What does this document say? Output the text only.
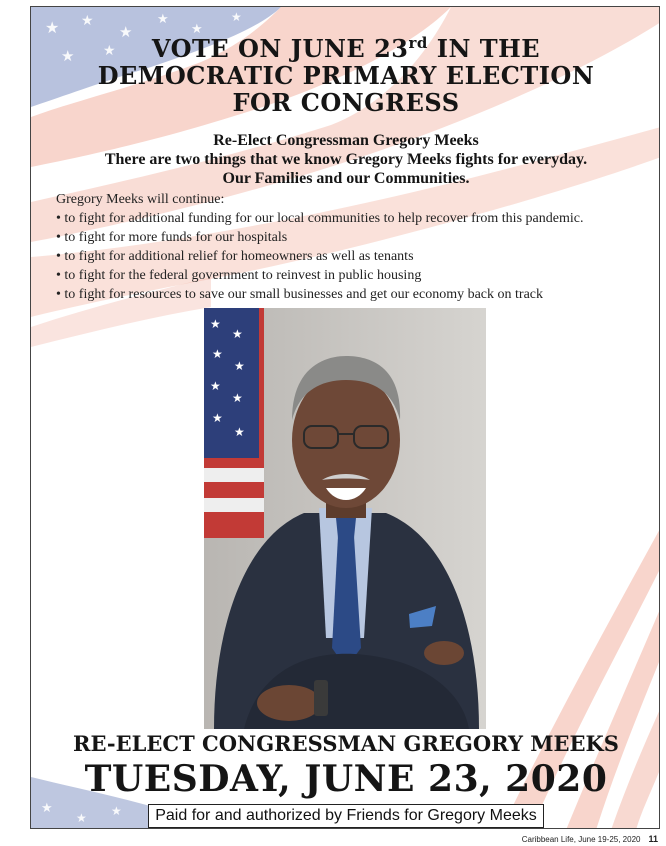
★ ★
★
★
★ ★
★
★
★
★ ★
VOTE ON JUNE 23rd IN THE
DEMOCRATIC PRIMARY ELECTION
FOR CONGRESS
Re-Elect Congressman Gregory Meeks
There are two things that we know Gregory Meeks fights for everyday.
Our Families and our Communities.
Gregory Meeks will continue:
• to fight for additional funding for our local communities to help recover from this pandemic.
• to fight for more funds for our hospitals
• to fight for additional relief for homeowners as well as tenants
• to fight for the federal government to reinvest in public housing
• to fight for resources to save our small businesses and get our economy back on track
★
★
★
★
★
★
★
★
RE-ELECT CONGRESSMAN GREGORY MEEKS
TUESDAY, JUNE 23, 2020
Paid for and authorized by Friends for Gregory Meeks
Caribbean Life, June 19-25, 2020 11
